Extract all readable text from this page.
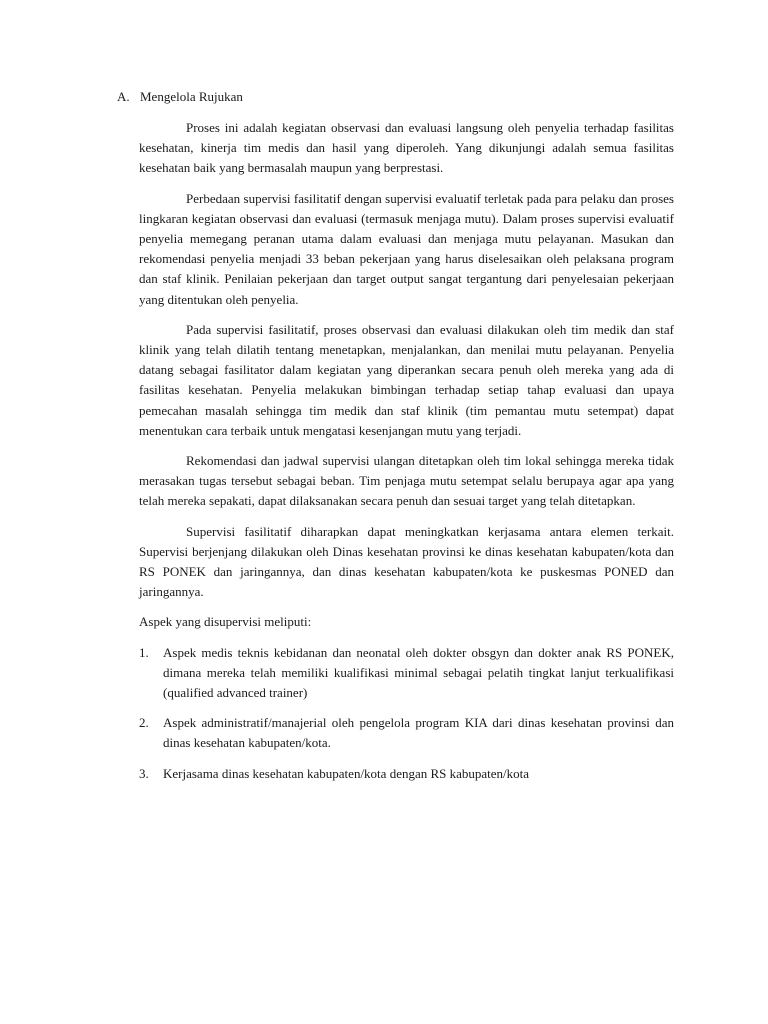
A. Mengelola Rujukan

Proses ini adalah kegiatan observasi dan evaluasi langsung oleh penyelia terhadap fasilitas kesehatan, kinerja tim medis dan hasil yang diperoleh. Yang dikunjungi adalah semua fasilitas kesehatan baik yang bermasalah maupun yang berprestasi.

Perbedaan supervisi fasilitatif dengan supervisi evaluatif terletak pada para pelaku dan proses lingkaran kegiatan observasi dan evaluasi (termasuk menjaga mutu). Dalam proses supervisi evaluatif penyelia memegang peranan utama dalam evaluasi dan menjaga mutu pelayanan. Masukan dan rekomendasi penyelia menjadi 33 beban pekerjaan yang harus diselesaikan oleh pelaksana program dan staf klinik. Penilaian pekerjaan dan target output sangat tergantung dari penyelesaian pekerjaan yang ditentukan oleh penyelia.

Pada supervisi fasilitatif, proses observasi dan evaluasi dilakukan oleh tim medik dan staf klinik yang telah dilatih tentang menetapkan, menjalankan, dan menilai mutu pelayanan. Penyelia datang sebagai fasilitator dalam kegiatan yang diperankan secara penuh oleh mereka yang ada di fasilitas kesehatan. Penyelia melakukan bimbingan terhadap setiap tahap evaluasi dan upaya pemecahan masalah sehingga tim medik dan staf klinik (tim pemantau mutu setempat) dapat menentukan cara terbaik untuk mengatasi kesenjangan mutu yang terjadi.

Rekomendasi dan jadwal supervisi ulangan ditetapkan oleh tim lokal sehingga mereka tidak merasakan tugas tersebut sebagai beban. Tim penjaga mutu setempat selalu berupaya agar apa yang telah mereka sepakati, dapat dilaksanakan secara penuh dan sesuai target yang telah ditetapkan.

Supervisi fasilitatif diharapkan dapat meningkatkan kerjasama antara elemen terkait. Supervisi berjenjang dilakukan oleh Dinas kesehatan provinsi ke dinas kesehatan kabupaten/kota dan RS PONEK dan jaringannya, dan dinas kesehatan kabupaten/kota ke puskesmas PONED dan jaringannya.

Aspek yang disupervisi meliputi:

1. Aspek medis teknis kebidanan dan neonatal oleh dokter obsgyn dan dokter anak RS PONEK, dimana mereka telah memiliki kualifikasi minimal sebagai pelatih tingkat lanjut terkualifikasi (qualified advanced trainer)
2. Aspek administratif/manajerial oleh pengelola program KIA dari dinas kesehatan provinsi dan dinas kesehatan kabupaten/kota.
3. Kerjasama dinas kesehatan kabupaten/kota dengan RS kabupaten/kota
